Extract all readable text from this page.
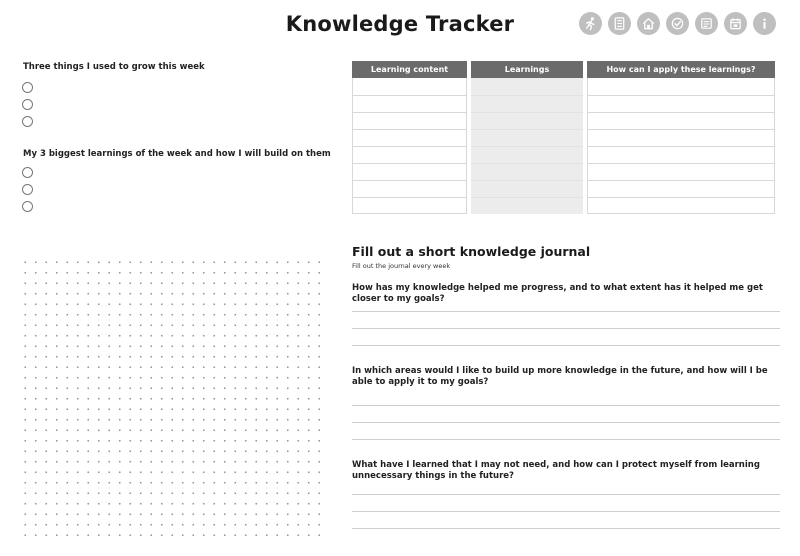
Knowledge Tracker
Three things I used to grow this week
My 3 biggest learnings of the week and how I will build on them
Learning content	Learnings	How can I apply these learnings?
Fill out a short knowledge journal
Fill out the journal every week
How has my knowledge helped me progress, and to what extent has it helped me get closer to my goals?
In which areas would I like to build up more knowledge in the future, and how will I be able to apply it to my goals?
What have I learned that I may not need, and how can I protect myself from learning unnecessary things in the future?
